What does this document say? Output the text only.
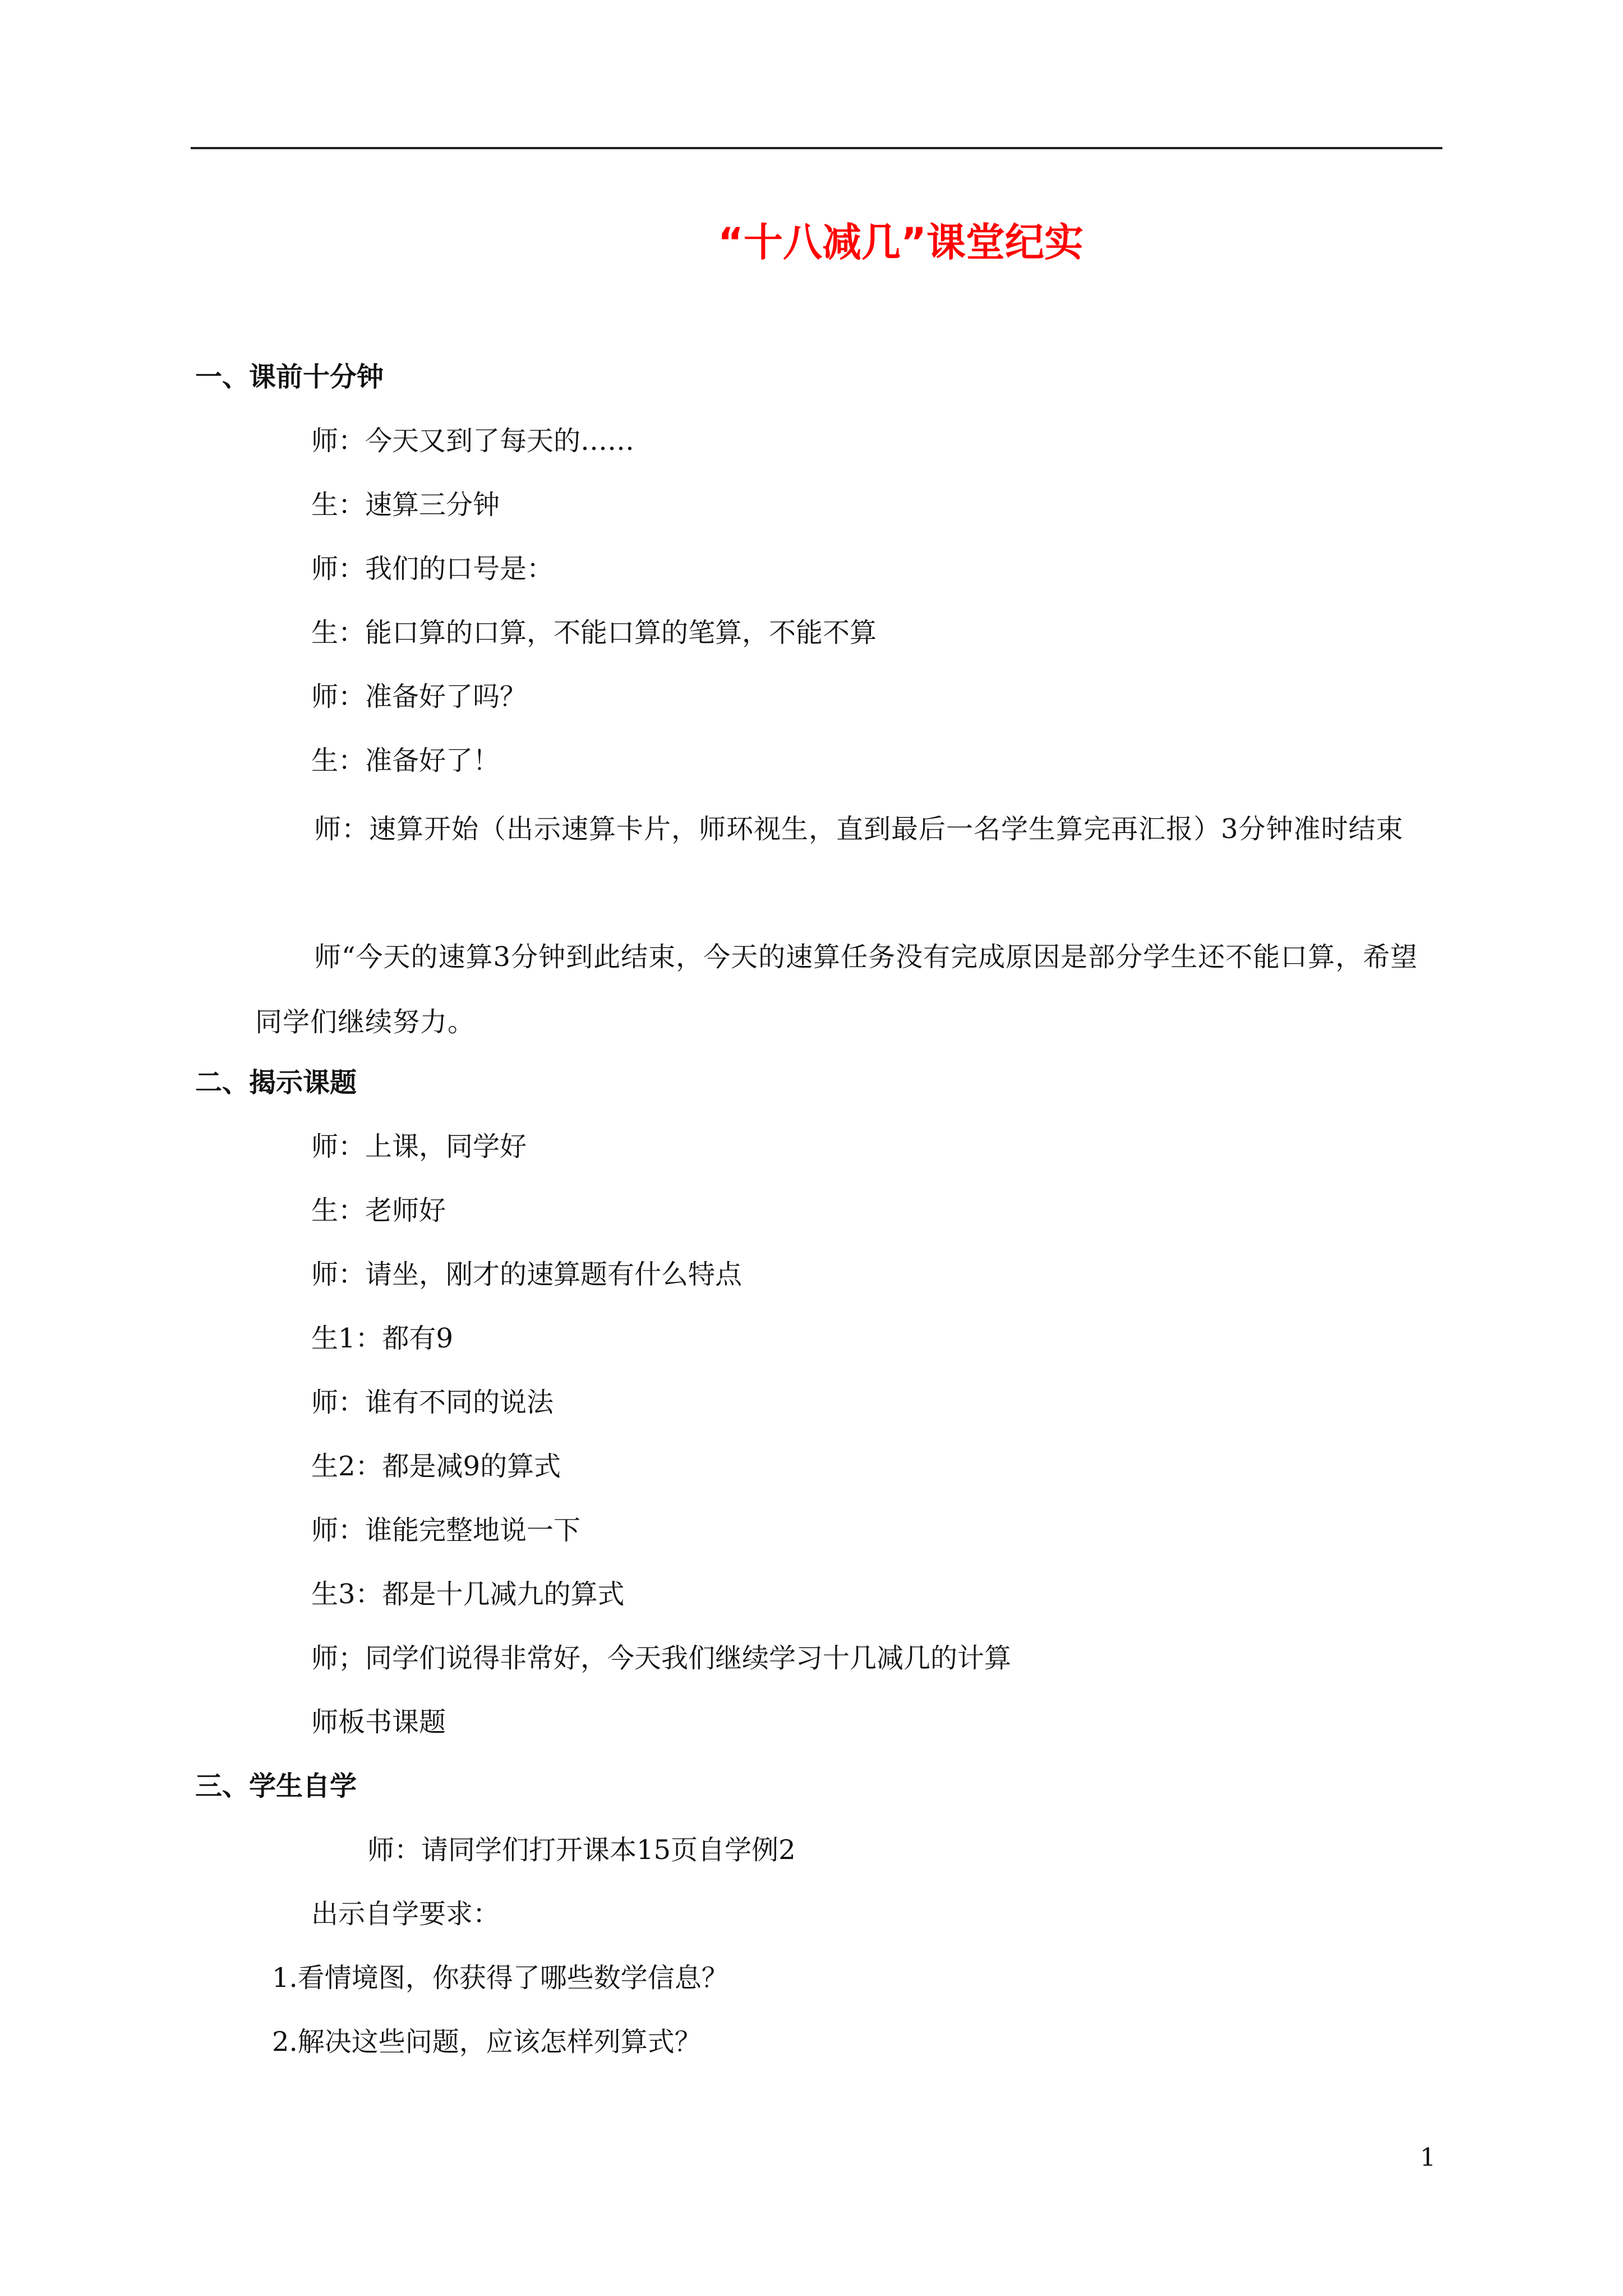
“十八减几”课堂纪实
一、课前十分钟
师：今天又到了每天的……
生：速算三分钟
师：我们的口号是：
生：能口算的口算，不能口算的笔算，不能不算
师：准备好了吗？
生：准备好了！
师：速算开始（出示速算卡片，师环视生，直到最后一名学生算完再汇报）3分钟准时结束
师“今天的速算3分钟到此结束，今天的速算任务没有完成原因是部分学生还不能口算，希望同学们继续努力。
二、揭示课题
师：上课，同学好
生：老师好
师：请坐，刚才的速算题有什么特点
生1：都有9
师：谁有不同的说法
生2：都是减9的算式
师：谁能完整地说一下
生3：都是十几减九的算式
师；同学们说得非常好，今天我们继续学习十几减几的计算
师板书课题
三、学生自学
师：请同学们打开课本15页自学例2
出示自学要求：
1.看情境图，你获得了哪些数学信息？
2.解决这些问题，应该怎样列算式？
1
